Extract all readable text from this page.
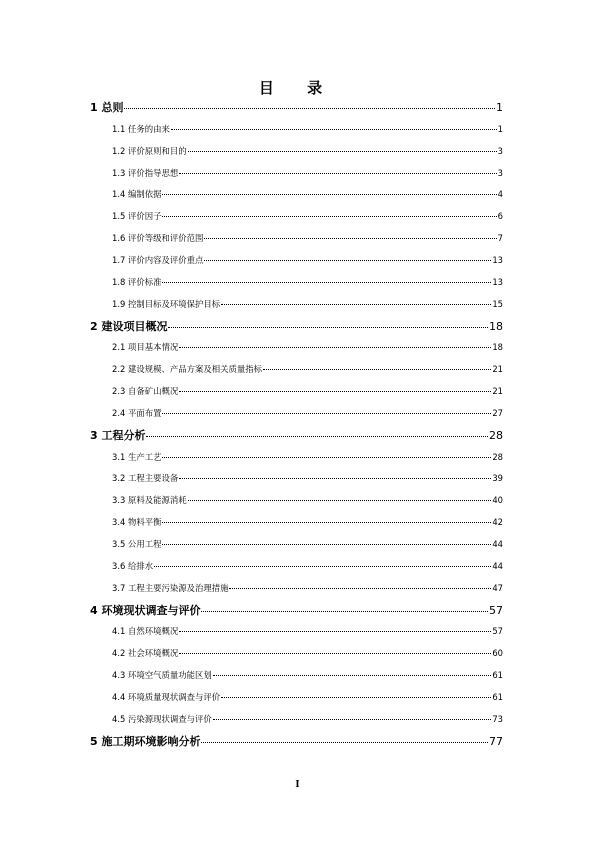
目 录
1 总则	1
1.1 任务的由来	1
1.2 评价原则和目的	3
1.3 评价指导思想	3
1.4 编制依据	4
1.5 评价因子	6
1.6 评价等级和评价范围	7
1.7 评价内容及评价重点	13
1.8 评价标准	13
1.9 控制目标及环境保护目标	15
2 建设项目概况	18
2.1 项目基本情况	18
2.2 建设规模、产品方案及相关质量指标	21
2.3 自备矿山概况	21
2.4 平面布置	27
3 工程分析	28
3.1 生产工艺	28
3.2 工程主要设备	39
3.3 原料及能源消耗	40
3.4 物料平衡	42
3.5 公用工程	44
3.6 给排水	44
3.7 工程主要污染源及治理措施	47
4 环境现状调查与评价	57
4.1 自然环境概况	57
4.2 社会环境概况	60
4.3 环境空气质量功能区划	61
4.4 环境质量现状调查与评价	61
4.5 污染源现状调查与评价	73
5 施工期环境影响分析	77
I
